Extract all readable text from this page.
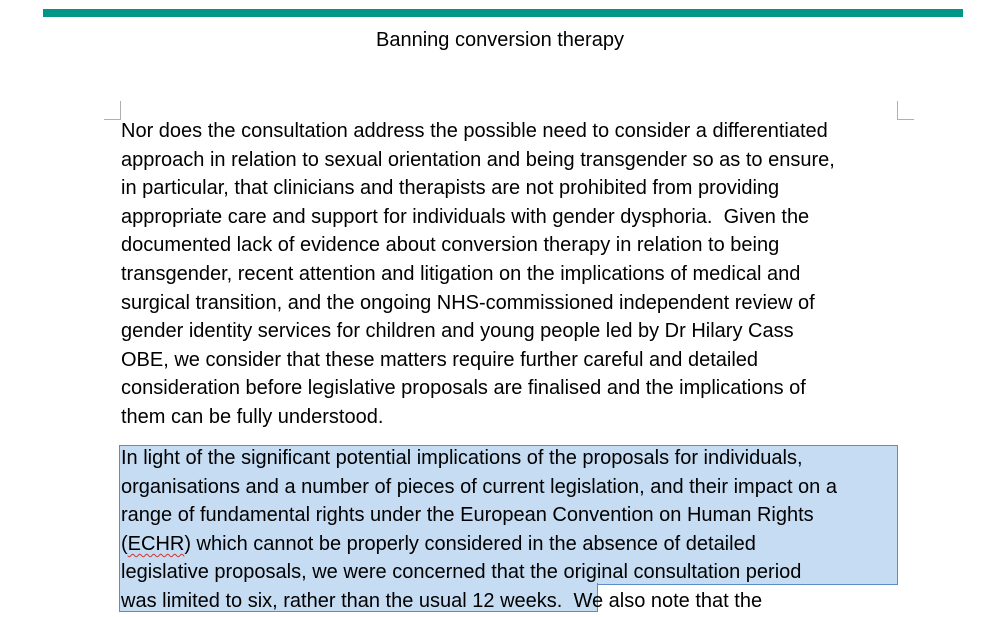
Banning conversion therapy
Nor does the consultation address the possible need to consider a differentiated
approach in relation to sexual orientation and being transgender so as to ensure,
in particular, that clinicians and therapists are not prohibited from providing
appropriate care and support for individuals with gender dysphoria.  Given the
documented lack of evidence about conversion therapy in relation to being
transgender, recent attention and litigation on the implications of medical and
surgical transition, and the ongoing NHS-commissioned independent review of
gender identity services for children and young people led by Dr Hilary Cass
OBE, we consider that these matters require further careful and detailed
consideration before legislative proposals are finalised and the implications of
them can be fully understood.
In light of the significant potential implications of the proposals for individuals,
organisations and a number of pieces of current legislation, and their impact on a
range of fundamental rights under the European Convention on Human Rights
(ECHR) which cannot be properly considered in the absence of detailed
legislative proposals, we were concerned that the original consultation period
was limited to six, rather than the usual 12 weeks.  We also note that the
